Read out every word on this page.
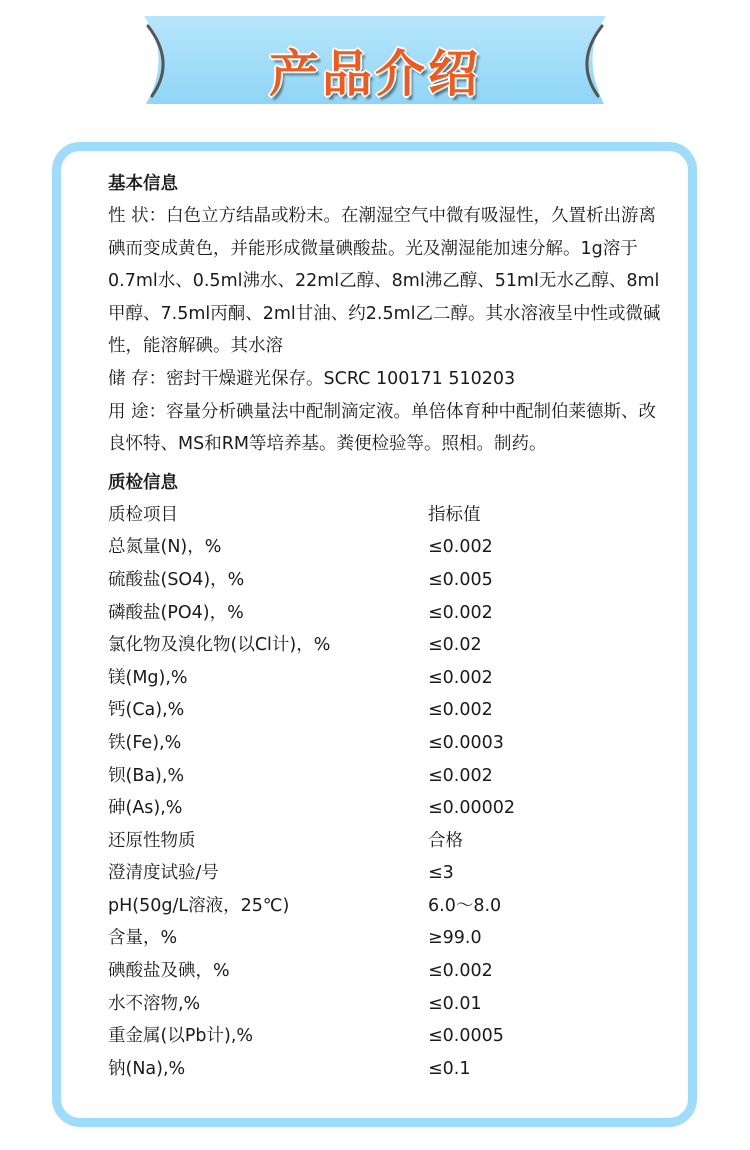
产品介绍
基本信息

性 状：白色立方结晶或粉末。在潮湿空气中微有吸湿性，久置析出游离碘而变成黄色，并能形成微量碘酸盐。光及潮湿能加速分解。1g溶于0.7ml水、0.5ml沸水、22ml乙醇、8ml沸乙醇、51ml无水乙醇、8ml甲醇、7.5ml丙酮、2ml甘油、约2.5ml乙二醇。其水溶液呈中性或微碱性，能溶解碘。其水溶

储 存：密封干燥避光保存。SCRC 100171 510203

用 途：容量分析碘量法中配制滴定液。单倍体育种中配制伯莱德斯、改良怀特、MS和RM等培养基。粪便检验等。照相。制药。

质检信息
质检项目	指标值
总氮量(N)，%	≤0.002
硫酸盐(SO4)，%	≤0.005
磷酸盐(PO4)，%	≤0.002
氯化物及溴化物(以Cl计)，%	≤0.02
镁(Mg),%	≤0.002
钙(Ca),%	≤0.002
铁(Fe),%	≤0.0003
钡(Ba),%	≤0.002
砷(As),%	≤0.00002
还原性物质	合格
澄清度试验/号	≤3
pH(50g/L溶液，25℃)	6.0～8.0
含量，%	≥99.0
碘酸盐及碘，%	≤0.002
水不溶物,%	≤0.01
重金属(以Pb计),%	≤0.0005
钠(Na),%	≤0.1
